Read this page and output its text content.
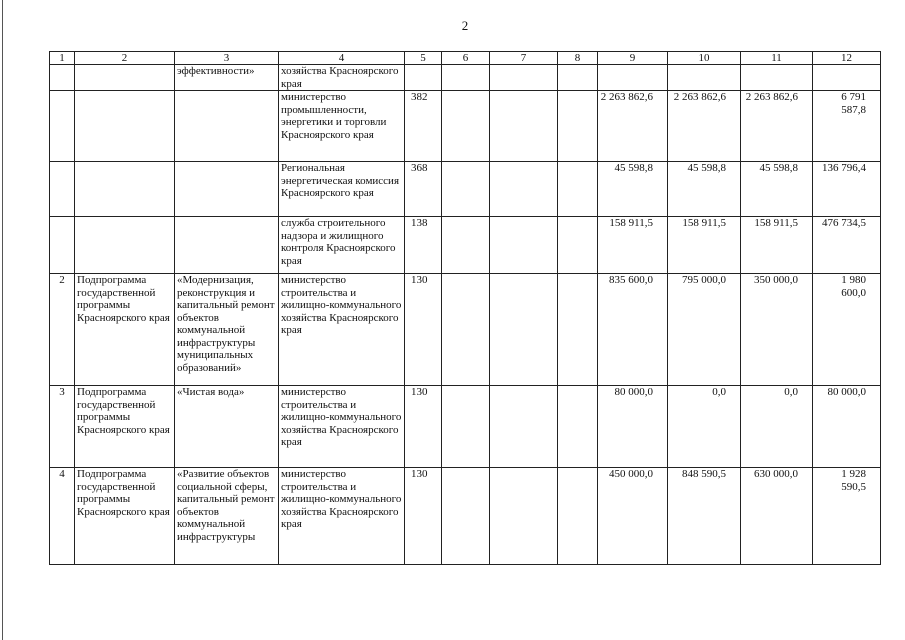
2
1	2	3	4	5	6	7	8	9	10	11	12
		эффективности»	хозяйства Красноярского края								
			министерство промышленности, энергетики и торговли Красноярского края	382				2 263 862,6	2 263 862,6	2 263 862,6	6 791 587,8
			Региональная энергетическая комиссия Красноярского края	368				45 598,8	45 598,8	45 598,8	136 796,4
			служба строительного надзора и жилищного контроля Красноярского края	138				158 911,5	158 911,5	158 911,5	476 734,5
2	Подпрограмма государственной программы Красноярского края	«Модернизация, реконструкция и капитальный ремонт объектов коммунальной инфраструктуры муниципальных образований»	министерство строительства и жилищно-коммунального хозяйства Красноярского края	130				835 600,0	795 000,0	350 000,0	1 980 600,0
3	Подпрограмма государственной программы Красноярского края	«Чистая вода»	министерство строительства и жилищно-коммунального хозяйства Красноярского края	130				80 000,0	0,0	0,0	80 000,0
4	Подпрограмма государственной программы Красноярского края	«Развитие объектов социальной сферы, капитальный ремонт объектов коммунальной инфраструктуры	министерство строительства и жилищно-коммунального хозяйства Красноярского края	130				450 000,0	848 590,5	630 000,0	1 928 590,5
